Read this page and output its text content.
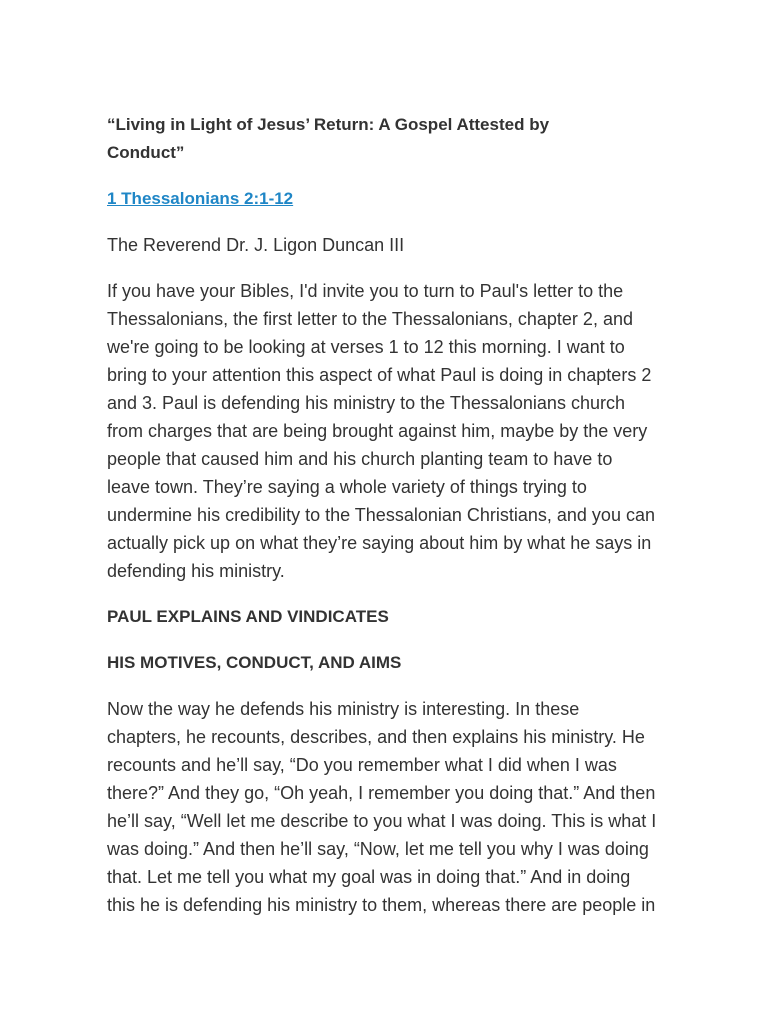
“Living in Light of Jesus’ Return: A Gospel Attested by
Conduct”
1 Thessalonians 2:1-12
The Reverend Dr. J. Ligon Duncan III
If you have your Bibles, I'd invite you to turn to Paul's letter to the
Thessalonians, the first letter to the Thessalonians, chapter 2, and
we're going to be looking at verses 1 to 12 this morning. I want to
bring to your attention this aspect of what Paul is doing in chapters 2
and 3. Paul is defending his ministry to the Thessalonians church
from charges that are being brought against him, maybe by the very
people that caused him and his church planting team to have to
leave town. They’re saying a whole variety of things trying to
undermine his credibility to the Thessalonian Christians, and you can
actually pick up on what they’re saying about him by what he says in
defending his ministry.
PAUL EXPLAINS AND VINDICATES
HIS MOTIVES, CONDUCT, AND AIMS
Now the way he defends his ministry is interesting. In these
chapters, he recounts, describes, and then explains his ministry. He
recounts and he’ll say, “Do you remember what I did when I was
there?” And they go, “Oh yeah, I remember you doing that.” And then
he’ll say, “Well let me describe to you what I was doing. This is what I
was doing.” And then he’ll say, “Now, let me tell you why I was doing
that. Let me tell you what my goal was in doing that.” And in doing
this he is defending his ministry to them, whereas there are people in
